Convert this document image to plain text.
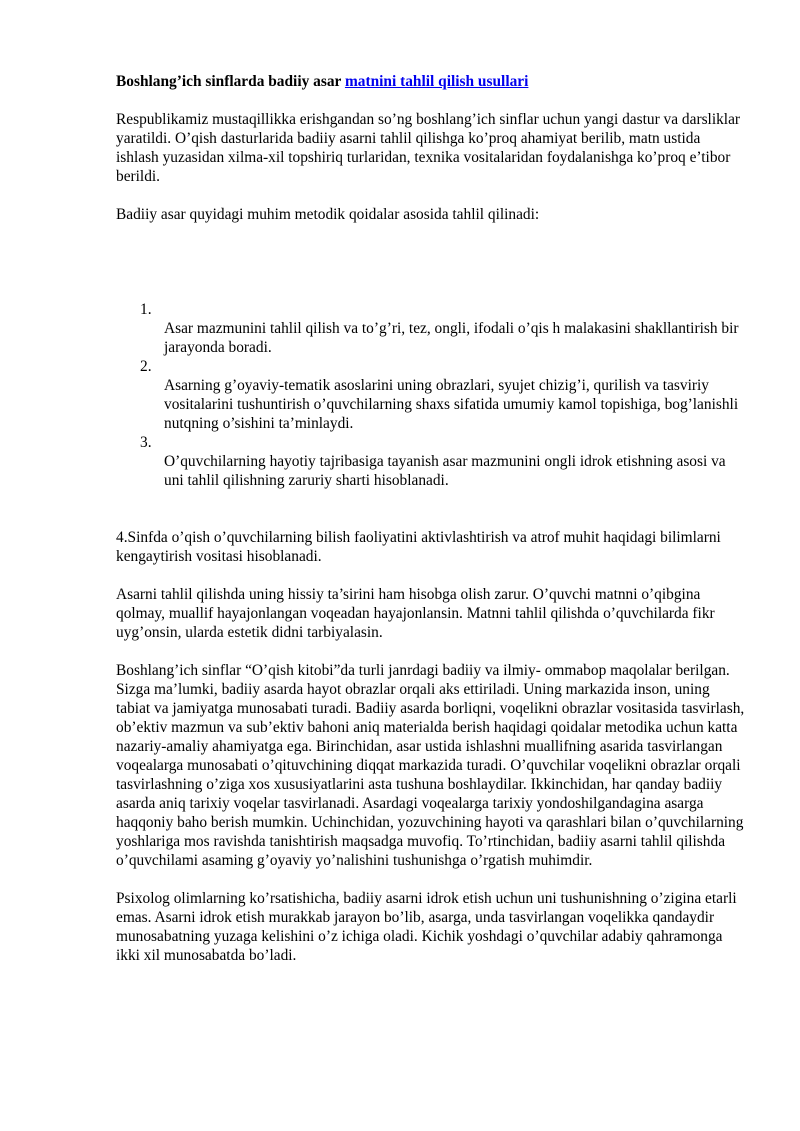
Boshlang’ich sinflarda badiiy asar matnini tahlil qilish usullari

Respublikamiz mustaqillikka erishgandan so’ng boshlang’ich sinflar uchun yangi dastur va darsliklar yaratildi. O’qish dasturlarida badiiy asarni tahlil qilishga ko’proq ahamiyat berilib, matn ustida ishlash yuzasidan xilma-xil topshiriq turlaridan, texnika vositalaridan foydalanishga ko’proq e’tibor berildi.

Badiiy asar quyidagi muhim metodik qoidalar asosida tahlil qilinadi:

1.
Asar mazmunini tahlil qilish va to’g’ri, tez, ongli, ifodali o’qis h malakasini shakllantirish bir jarayonda boradi.
2.
Asarning g’oyaviy-tematik asoslarini uning obrazlari, syujet chizig’i, qurilish va tasviriy vositalarini tushuntirish o’quvchilarning shaxs sifatida umumiy kamol topishiga, bog’lanishli nutqning o’sishini ta’minlaydi.
3.
O’quvchilarning hayotiy tajribasiga tayanish asar mazmunini ongli idrok etishning asosi va uni tahlil qilishning zaruriy sharti hisoblanadi.

4.Sinfda o’qish o’quvchilarning bilish faoliyatini aktivlashtirish va atrof muhit haqidagi bilimlarni kengaytirish vositasi hisoblanadi.

Asarni tahlil qilishda uning hissiy ta’sirini ham hisobga olish zarur. O’quvchi matnni o’qibgina qolmay, muallif hayajonlangan voqeadan hayajonlansin. Matnni tahlil qilishda o’quvchilarda fikr uyg’onsin, ularda estetik didni tarbiyalasin.

Boshlang’ich sinflar “O’qish kitobi”da turli janrdagi badiiy va ilmiy- ommabop maqolalar berilgan. Sizga ma’lumki, badiiy asarda hayot obrazlar orqali aks ettiriladi. Uning markazida inson, uning tabiat va jamiyatga munosabati turadi. Badiiy asarda borliqni, voqelikni obrazlar vositasida tasvirlash, ob’ektiv mazmun va sub’ektiv bahoni aniq materialda berish haqidagi qoidalar metodika uchun katta nazariy-amaliy ahamiyatga ega. Birinchidan, asar ustida ishlashni muallifning asarida tasvirlangan voqealarga munosabati o’qituvchining diqqat markazida turadi. O’quvchilar voqelikni obrazlar orqali tasvirlashning o’ziga xos xususiyatlarini asta tushuna boshlaydilar. Ikkinchidan, har qanday badiiy asarda aniq tarixiy voqelar tasvirlanadi. Asardagi voqealarga tarixiy yondoshilgandagina asarga haqqoniy baho berish mumkin. Uchinchidan, yozuvchining hayoti va qarashlari bilan o’quvchilarning yoshlariga mos ravishda tanishtirish maqsadga muvofiq. To’rtinchidan, badiiy asarni tahlil qilishda o’quvchilami asaming g’oyaviy yo’nalishini tushunishga o’rgatish muhimdir.

Psixolog olimlarning ko’rsatishicha, badiiy asarni idrok etish uchun uni tushunishning o’zigina etarli emas. Asarni idrok etish murakkab jarayon bo’lib, asarga, unda tasvirlangan voqelikka qandaydir munosabatning yuzaga kelishini o’z ichiga oladi. Kichik yoshdagi o’quvchilar adabiy qahramonga ikki xil munosabatda bo’ladi.
